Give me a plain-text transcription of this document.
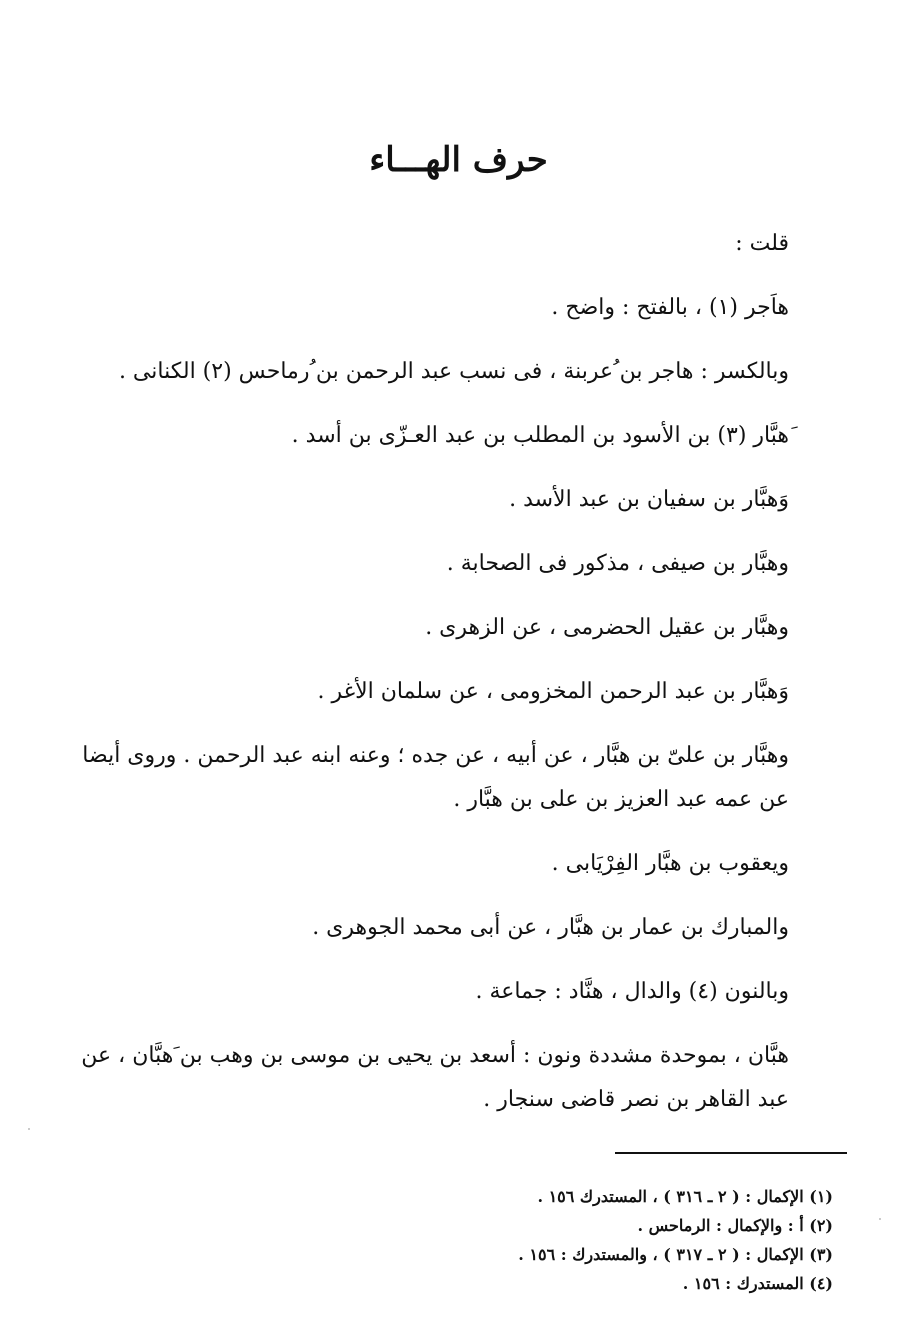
حرف الهـــاء
قلت :
هاَجر (١) ، بالفتح : واضح .
وبالكسر : هاجر بن ُعربنة ، فى نسب عبد الرحمن بن ُرماحس (٢) الكنانى .
َهبَّار (٣) بن الأسود بن المطلب بن عبد العـزّى بن أسد .
وَهبَّار بن سفيان بن عبد الأسد .
وهبَّار بن صيفى ، مذكور فى الصحابة .
وهبَّار بن عقيل الحضرمى ، عن الزهرى .
وَهبَّار بن عبد الرحمن المخزومى ، عن سلمان الأغر .
وهبَّار بن علىّ بن هبَّار ، عن أبيه ، عن جده ؛ وعنه ابنه عبد الرحمن . وروى أيضا
عن عمه عبد العزيز بن على بن هبَّار .
ويعقوب بن هبَّار الفِرْيَابى .
والمبارك بن عمار بن هبَّار ، عن أبى محمد الجوهرى .
وبالنون (٤) والدال ، هنَّاد : جماعة .
هبَّان ، بموحدة مشددة ونون : أسعد بن يحيى بن موسى بن وهب بن َهبَّان ، عن
عبد القاهر بن نصر قاضى سنجار .
(١) الإكمال : ( ٢ ـ ٣١٦ ) ، المستدرك ١٥٦ .
(٢) أ : والإكمال : الرماحس .
(٣) الإكمال : ( ٢ ـ ٣١٧ ) ، والمستدرك : ١٥٦ .
(٤) المستدرك : ١٥٦ .
